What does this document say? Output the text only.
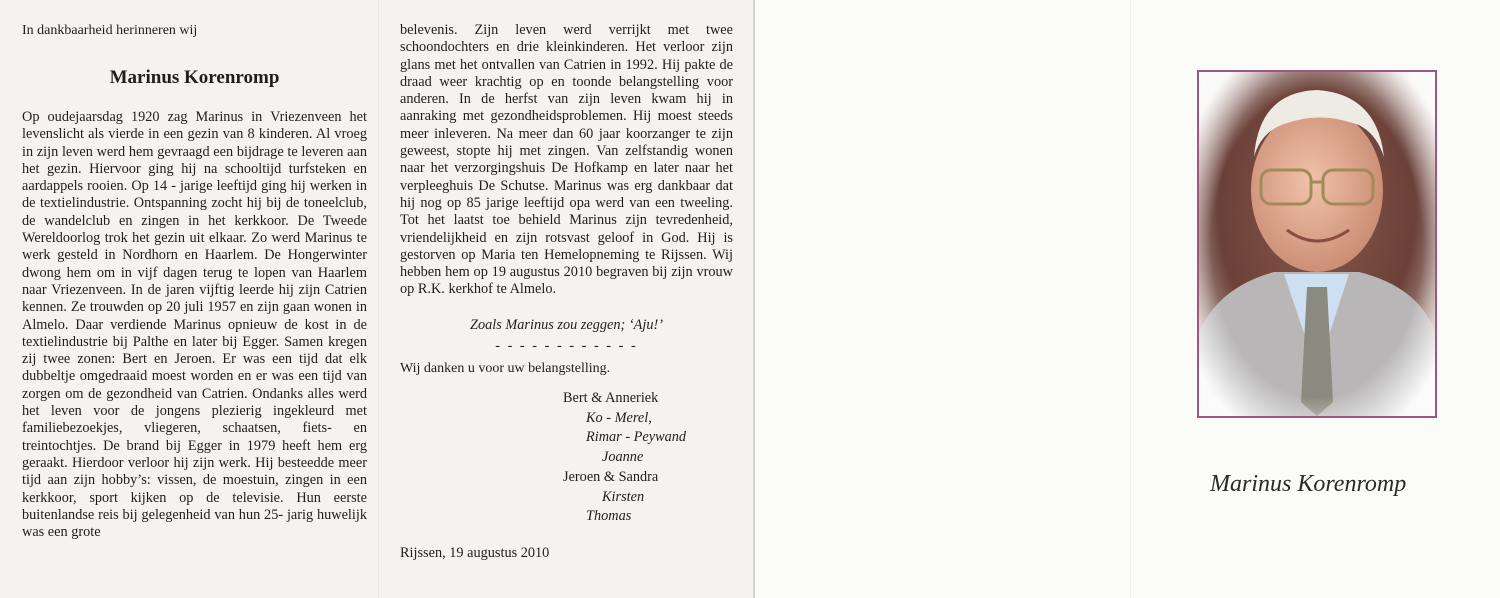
In dankbaarheid herinneren wij

Marinus Korenromp

Op oudejaarsdag 1920 zag Marinus in Vriezenveen het levenslicht als vierde in een gezin van 8 kinderen. Al vroeg in zijn leven werd hem gevraagd een bijdrage te leveren aan het gezin. Hiervoor ging hij na schooltijd turfsteken en aardappels rooien. Op 14 - jarige leeftijd ging hij werken in de textielindustrie. Ontspanning zocht hij bij de toneelclub, de wandelclub en zingen in het kerkkoor. De Tweede Wereldoorlog trok het gezin uit elkaar. Zo werd Marinus te werk gesteld in Nordhorn en Haarlem. De Hongerwinter dwong hem om in vijf dagen terug te lopen van Haarlem naar Vriezenveen. In de jaren vijftig leerde hij zijn Catrien kennen. Ze trouwden op 20 juli 1957 en zijn gaan wonen in Almelo. Daar verdiende Marinus opnieuw de kost in de textielindustrie bij Palthe en later bij Egger. Samen kregen zij twee zonen: Bert en Jeroen. Er was een tijd dat elk dubbeltje omgedraaid moest worden en er was een tijd van zorgen om de gezondheid van Catrien. Ondanks alles werd het leven voor de jongens plezierig ingekleurd met familiebezoekjes, vliegeren, schaatsen, fiets- en treintochtjes. De brand bij Egger in 1979 heeft hem erg geraakt. Hierdoor verloor hij zijn werk. Hij besteedde meer tijd aan zijn hobby’s: vissen, de moestuin, zingen in een kerkkoor, sport kijken op de televisie. Hun eerste buitenlandse reis bij gelegenheid van hun 25- jarig huwelijk was een grote

belevenis. Zijn leven werd verrijkt met twee schoondochters en drie kleinkinderen. Het verloor zijn glans met het ontvallen van Catrien in 1992. Hij pakte de draad weer krachtig op en toonde belangstelling voor anderen. In de herfst van zijn leven kwam hij in aanraking met gezondheidsproblemen. Hij moest steeds meer inleveren. Na meer dan 60 jaar koorzanger te zijn geweest, stopte hij met zingen. Van zelfstandig wonen naar het verzorgingshuis De Hofkamp en later naar het verpleeghuis De Schutse. Marinus was erg dankbaar dat hij nog op 85 jarige leeftijd opa werd van een tweeling. Tot het laatst toe behield Marinus zijn tevredenheid, vriendelijkheid en zijn rotsvast geloof in God. Hij is gestorven op Maria ten Hemelopneming te Rijssen. Wij hebben hem op 19 augustus 2010 begraven bij zijn vrouw op R.K. kerkhof te Almelo.

Zoals Marinus zou zeggen; ‘Aju!’

- - - - - - - - - - - -

Wij danken u voor uw belangstelling.

Bert & Anneriek
Ko - Merel,
Rimar - Peywand
Joanne
Jeroen & Sandra
Kirsten
Thomas

Rijssen, 19 augustus 2010

Marinus Korenromp
